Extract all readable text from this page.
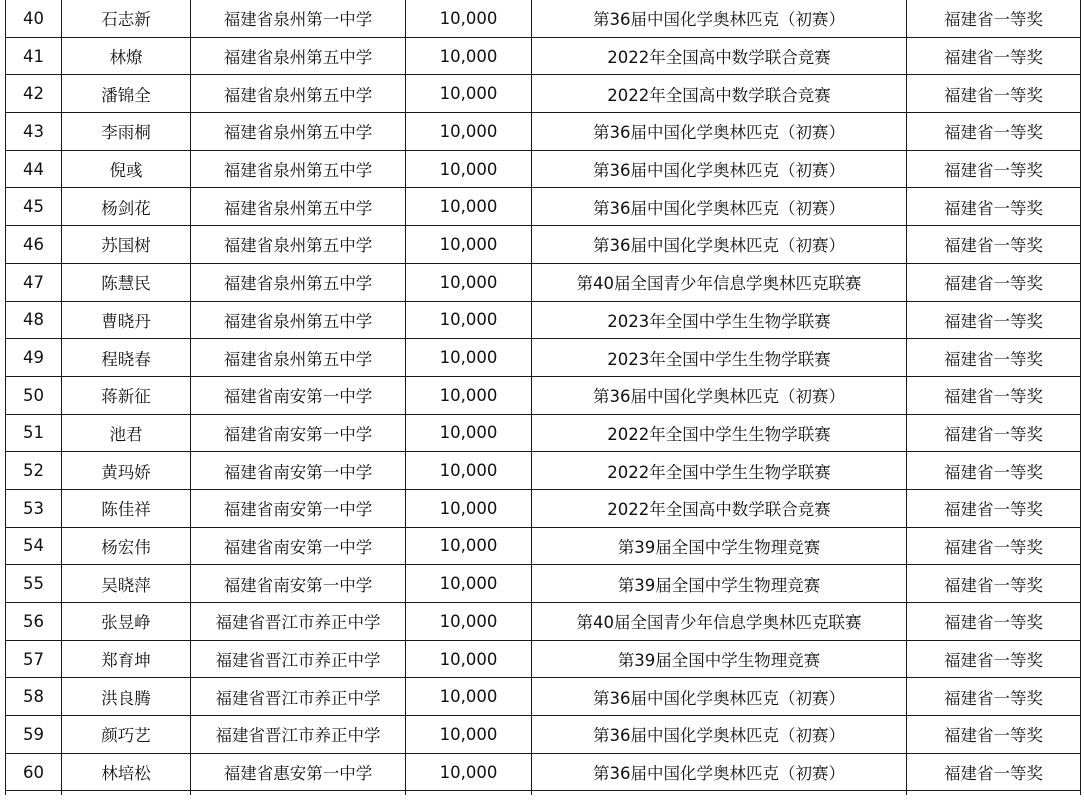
40	石志新	福建省泉州第一中学	10,000	第36届中国化学奥林匹克（初赛）	福建省一等奖
41	林燎	福建省泉州第五中学	10,000	2022年全国高中数学联合竞赛	福建省一等奖
42	潘锦全	福建省泉州第五中学	10,000	2022年全国高中数学联合竞赛	福建省一等奖
43	李雨桐	福建省泉州第五中学	10,000	第36届中国化学奥林匹克（初赛）	福建省一等奖
44	倪彧	福建省泉州第五中学	10,000	第36届中国化学奥林匹克（初赛）	福建省一等奖
45	杨剑花	福建省泉州第五中学	10,000	第36届中国化学奥林匹克（初赛）	福建省一等奖
46	苏国树	福建省泉州第五中学	10,000	第36届中国化学奥林匹克（初赛）	福建省一等奖
47	陈慧民	福建省泉州第五中学	10,000	第40届全国青少年信息学奥林匹克联赛	福建省一等奖
48	曹晓丹	福建省泉州第五中学	10,000	2023年全国中学生生物学联赛	福建省一等奖
49	程晓春	福建省泉州第五中学	10,000	2023年全国中学生生物学联赛	福建省一等奖
50	蒋新征	福建省南安第一中学	10,000	第36届中国化学奥林匹克（初赛）	福建省一等奖
51	池君	福建省南安第一中学	10,000	2022年全国中学生生物学联赛	福建省一等奖
52	黄玛娇	福建省南安第一中学	10,000	2022年全国中学生生物学联赛	福建省一等奖
53	陈佳祥	福建省南安第一中学	10,000	2022年全国高中数学联合竞赛	福建省一等奖
54	杨宏伟	福建省南安第一中学	10,000	第39届全国中学生物理竞赛	福建省一等奖
55	吴晓萍	福建省南安第一中学	10,000	第39届全国中学生物理竞赛	福建省一等奖
56	张昱峥	福建省晋江市养正中学	10,000	第40届全国青少年信息学奥林匹克联赛	福建省一等奖
57	郑育坤	福建省晋江市养正中学	10,000	第39届全国中学生物理竞赛	福建省一等奖
58	洪良腾	福建省晋江市养正中学	10,000	第36届中国化学奥林匹克（初赛）	福建省一等奖
59	颜巧艺	福建省晋江市养正中学	10,000	第36届中国化学奥林匹克（初赛）	福建省一等奖
60	林培松	福建省惠安第一中学	10,000	第36届中国化学奥林匹克（初赛）	福建省一等奖
